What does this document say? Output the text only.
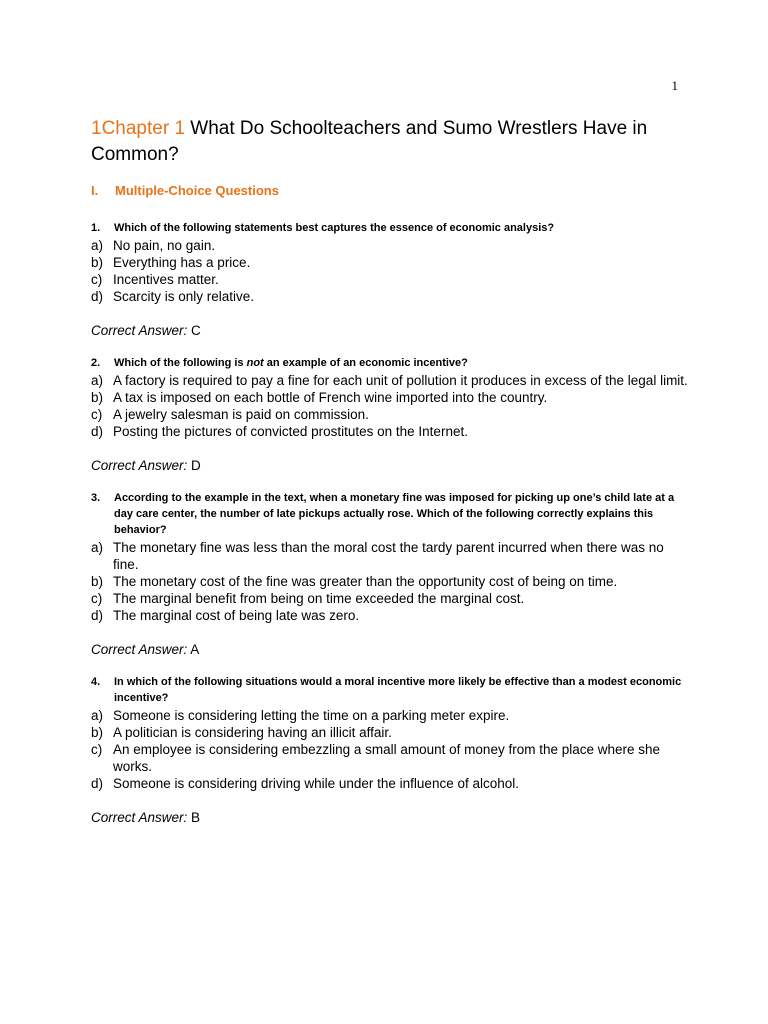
1
1Chapter 1 What Do Schoolteachers and Sumo Wrestlers Have in Common?
I. Multiple-Choice Questions
1.	Which of the following statements best captures the essence of economic analysis?
a) No pain, no gain.
b) Everything has a price.
c) Incentives matter.
d) Scarcity is only relative.
Correct Answer: C
2.	Which of the following is not an example of an economic incentive?
a) A factory is required to pay a fine for each unit of pollution it produces in excess of the legal limit.
b) A tax is imposed on each bottle of French wine imported into the country.
c) A jewelry salesman is paid on commission.
d) Posting the pictures of convicted prostitutes on the Internet.
Correct Answer: D
3.	According to the example in the text, when a monetary fine was imposed for picking up one’s child late at a day care center, the number of late pickups actually rose. Which of the following correctly explains this behavior?
a) The monetary fine was less than the moral cost the tardy parent incurred when there was no fine.
b) The monetary cost of the fine was greater than the opportunity cost of being on time.
c) The marginal benefit from being on time exceeded the marginal cost.
d) The marginal cost of being late was zero.
Correct Answer: A
4.	In which of the following situations would a moral incentive more likely be effective than a modest economic incentive?
a) Someone is considering letting the time on a parking meter expire.
b) A politician is considering having an illicit affair.
c) An employee is considering embezzling a small amount of money from the place where she works.
d) Someone is considering driving while under the influence of alcohol.
Correct Answer: B
